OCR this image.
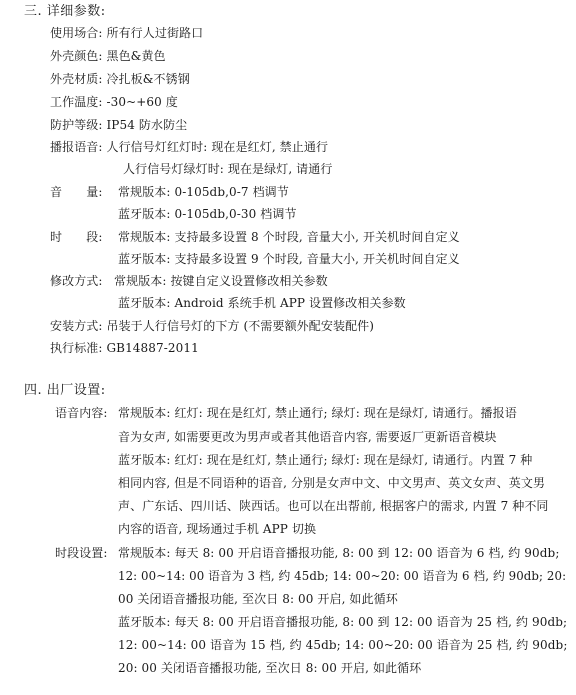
三. 详细参数:
使用场合: 所有行人过街路口
外壳颜色: 黑色&黄色
外壳材质: 冷扎板&不锈钢
工作温度: -30~+60 度
防护等级: IP54 防水防尘
播报语音: 人行信号灯红灯时: 现在是红灯, 禁止通行
人行信号灯绿灯时: 现在是绿灯, 请通行
音　　量: 常规版本: 0-105db,0-7 档调节
蓝牙版本: 0-105db,0-30 档调节
时　　段: 常规版本: 支持最多设置 8 个时段, 音量大小, 开关机时间自定义
蓝牙版本: 支持最多设置 9 个时段, 音量大小, 开关机时间自定义
修改方式: 常规版本: 按键自定义设置修改相关参数
蓝牙版本: Android 系统手机 APP 设置修改相关参数
安装方式: 吊装于人行信号灯的下方 (不需要额外配安装配件)
执行标准: GB14887-2011
四. 出厂设置:
语音内容: 常规版本: 红灯: 现在是红灯, 禁止通行; 绿灯: 现在是绿灯, 请通行。播报语
音为女声, 如需要更改为男声或者其他语音内容, 需要返厂更新语音模块
蓝牙版本: 红灯: 现在是红灯, 禁止通行; 绿灯: 现在是绿灯, 请通行。内置 7 种
相同内容, 但是不同语种的语音, 分别是女声中文、中文男声、英文女声、英文男
声、广东话、四川话、陕西话。也可以在出帮前, 根据客户的需求, 内置 7 种不同
内容的语音, 现场通过手机 APP 切换
时段设置: 常规版本: 每天 8: 00 开启语音播报功能, 8: 00 到 12: 00 语音为 6 档, 约 90db;
12: 00~14: 00 语音为 3 档, 约 45db; 14: 00~20: 00 语音为 6 档, 约 90db; 20:
00 关闭语音播报功能, 至次日 8: 00 开启, 如此循环
蓝牙版本: 每天 8: 00 开启语音播报功能, 8: 00 到 12: 00 语音为 25 档, 约 90db;
12: 00~14: 00 语音为 15 档, 约 45db; 14: 00~20: 00 语音为 25 档, 约 90db;
20: 00 关闭语音播报功能, 至次日 8: 00 开启, 如此循环
